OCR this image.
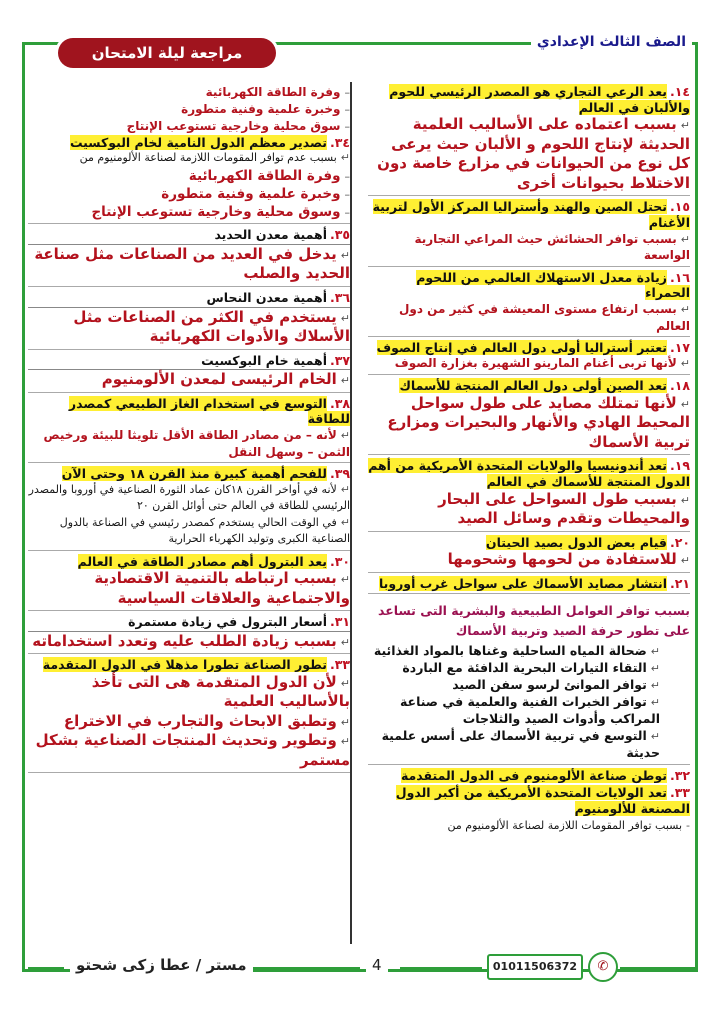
الصف الثالث الإعدادي
مراجعة ليلة الامتحان
١٤.يعد الرعي التجاري هو المصدر الرئيسي للحوم والألبان في العالم
↵بسبب اعتماده على الأساليب العلمية الحديثة لإنتاج اللحوم و الألبان حيث يرعى كل نوع من الحيوانات في مزارع خاصة دون الاختلاط بحيوانات أخرى
١٥.تحتل الصين والهند وأستراليا المركز الأول لتربية الأغنام
↵بسبب توافر الحشائش حيث المراعي التجارية الواسعة
١٦.زيادة معدل الاستهلاك العالمي من اللحوم الحمراء
↵بسبب ارتفاع مستوى المعيشة في كثير من دول العالم
١٧.تعتبر أستراليا أولى دول العالم في إنتاج الصوف
↵لأنها تربى أغنام المارينو الشهيرة بغزارة الصوف
١٨.تعد الصين أولى دول العالم المنتجة للأسماك
↵لأنها تمتلك مصايد على طول سواحل المحيط الهادي والأنهار والبحيرات ومزارع تربية الأسماك
١٩.تعد أندونيسيا والولايات المتحدة الأمريكية من أهم الدول المنتجة للأسماك في العالم
↵بسبب طول السواحل على البحار والمحيطات وتقدم وسائل الصيد
٢٠.قيام بعض الدول بصيد الحيتان
↵للاستفادة من لحومها وشحومها
٢١.انتشار مصايد الأسماك على سواحل غرب أوروبا
بسبب توافر العوامل الطبيعية والبشرية التى تساعد على تطور حرفة الصيد وتربية الأسماك
↵ضحالة المياه الساحلية وغناها بالمواد الغذائية
↵التقاء التيارات البحرية الدافئة مع الباردة
↵توافر الموانئ لرسو سفن الصيد
↵توافر الخبرات الفنية والعلمية في صناعة المراكب وأدوات الصيد والثلاجات
↵التوسع في تربية الأسماك على أسس علمية حديثة
٣٢.توطن صناعة الألومنيوم فى الدول المتقدمة
٣٣.تعد الولايات المتحدة الأمريكية من أكبر الدول المصنعة للألومنيوم
-بسبب توافر المقومات اللازمة لصناعة الألومنيوم من
–وفرة الطاقة الكهربائية
–وخبرة علمية وفنية متطورة
–سوق محلية وخارجية تستوعب الإنتاج
٣٤.تصدير معظم الدول النامية لخام البوكسيت
↵بسبب عدم توافر المقومات اللازمة لصناعة الألومنيوم من
–وفرة الطاقة الكهربائية
–وخبرة علمية وفنية متطورة
–وسوق محلية وخارجية تستوعب الإنتاج
٣٥.أهمية معدن الحديد
↵يدخل في العديد من الصناعات مثل صناعة الحديد والصلب
٣٦.أهمية معدن النحاس
↵يستخدم في الكثر من الصناعات مثل الأسلاك والأدوات الكهربائية
٣٧.أهمية خام البوكسيت
↵الخام الرئيسى لمعدن الألومنيوم
٣٨.التوسع في استخدام الغاز الطبيعي كمصدر للطاقة
↵لأنه – من مصادر الطاقة الأقل تلويثا للبيئة ورخيص الثمن – وسهل النقل
٣٩.للفحم أهمية كبيرة منذ القرن ١٨ وحتى الآن
↵لأنه في أواخر القرن ١٨كان عماد الثورة الصناعية في أوروبا والمصدر الرئيسي للطاقة في العالم حتى أوائل القرن ٢٠
↵في الوقت الحالي يستخدم كمصدر رئيسي في الصناعة بالدول الصناعية الكبرى وتوليد الكهرباء الحرارية
٣٠.يعد البترول أهم مصادر الطاقة في العالم
↵بسبب ارتباطه بالتنمية الاقتصادية والاجتماعية والعلاقات السياسية
٣١.أسعار البترول في زيادة مستمرة
↵بسبب زيادة الطلب عليه وتعدد استخداماته
٣٣.تطور الصناعة تطورا مذهلا في الدول المتقدمة
↵لأن الدول المتقدمة هى التى تأخذ بالأساليب العلمية
↵وتطبق الابحاث والتجارب في الاختراع
↵وتطوير وتحديث المنتجات الصناعية بشكل مستمر
مستر / عطا زكى شحتو	4	01011506372	✆
